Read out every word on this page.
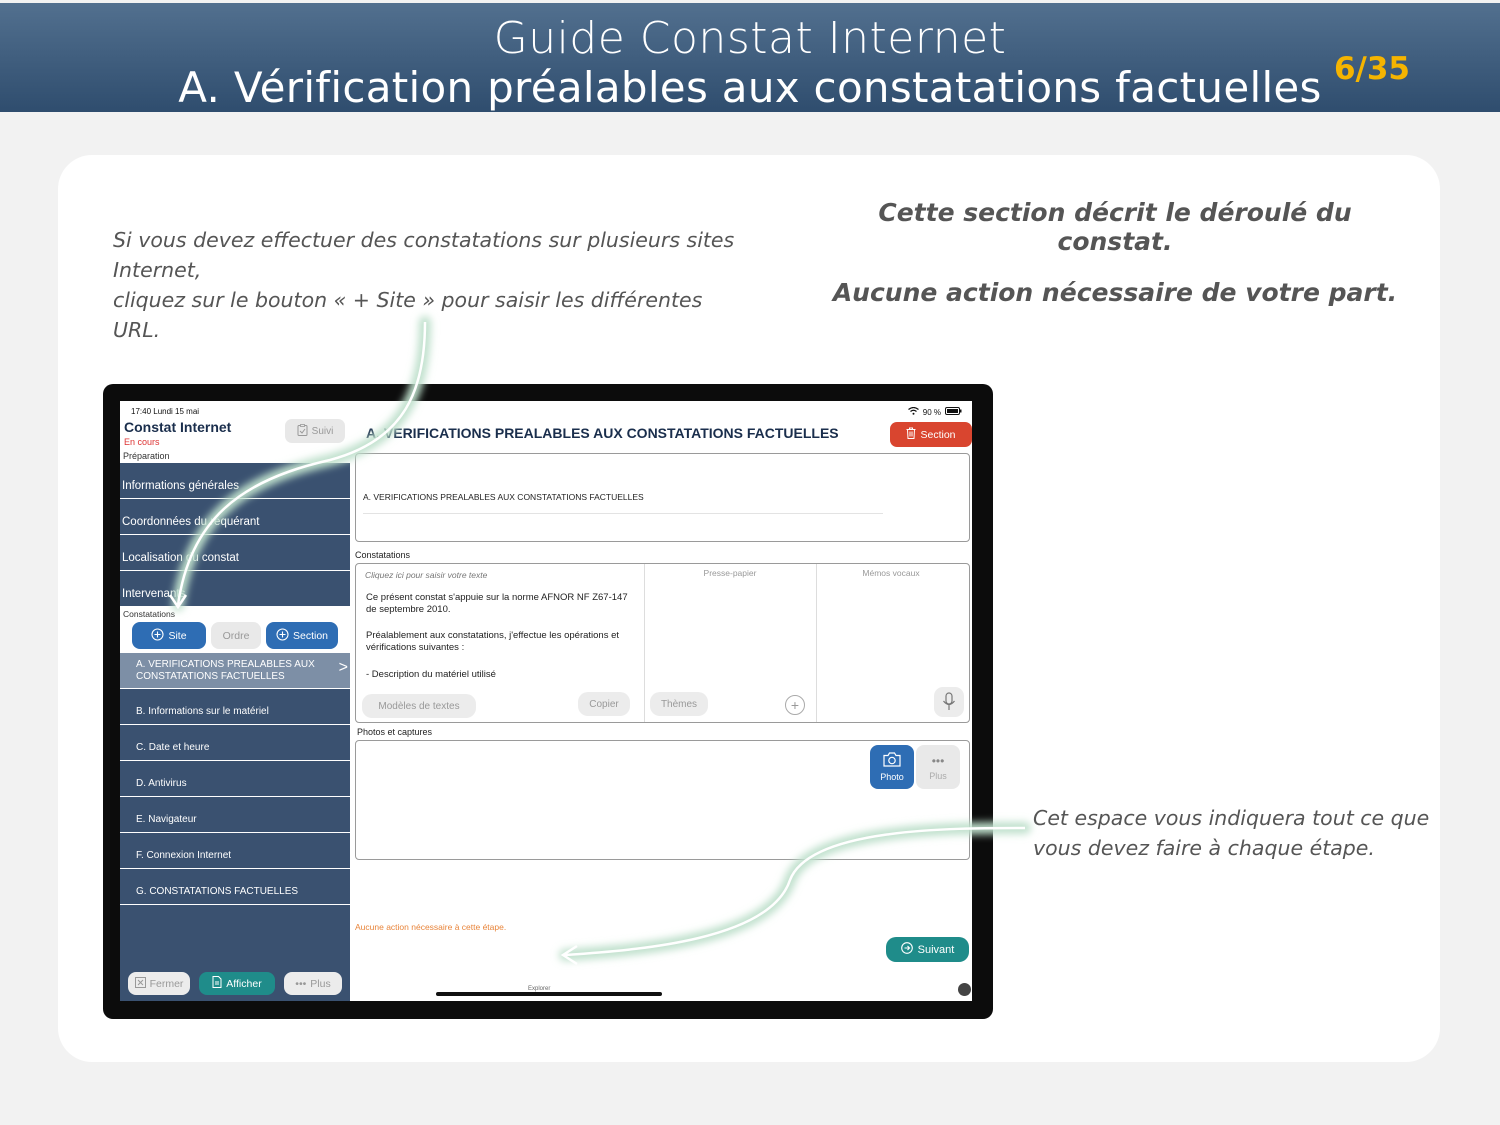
Guide Constat Internet
A. Vérification préalables aux constatations factuelles 6/35
Si vous devez effectuer des constatations sur plusieurs sites Internet,
cliquez sur le bouton « + Site » pour saisir les différentes URL.
Cette section décrit le déroulé du constat.
Aucune action nécessaire de votre part.
Cet espace vous indiquera tout ce que vous devez faire à chaque étape.
17:40 Lundi 15 mai
Constat Internet
En cours
Suivi
Préparation
Informations générales
Coordonnées du requérant
Localisation du constat
Intervenants
Constatations
Site	Ordre	Section
A. VERIFICATIONS PREALABLES AUX CONSTATATIONS FACTUELLES	>
B. Informations sur le matériel
C. Date et heure
D. Antivirus
E. Navigateur
F. Connexion Internet
G. CONSTATATIONS FACTUELLES
Fermer	Afficher	••• Plus
90 %
A. VERIFICATIONS PREALABLES AUX CONSTATATIONS FACTUELLES	Section
A. VERIFICATIONS PREALABLES AUX CONSTATATIONS FACTUELLES
Constatations
Cliquez ici pour saisir votre texte
Ce présent constat s'appuie sur la norme AFNOR NF Z67-147 de septembre 2010.
Préalablement aux constatations, j'effectue les opérations et vérifications suivantes :
- Description du matériel utilisé
Modèles de textes	Copier
Presse-papier
Thèmes	+
Mémos vocaux
Photos et captures
Photo
•••
Plus
Aucune action nécessaire à cette étape.
Suivant
Explorer
